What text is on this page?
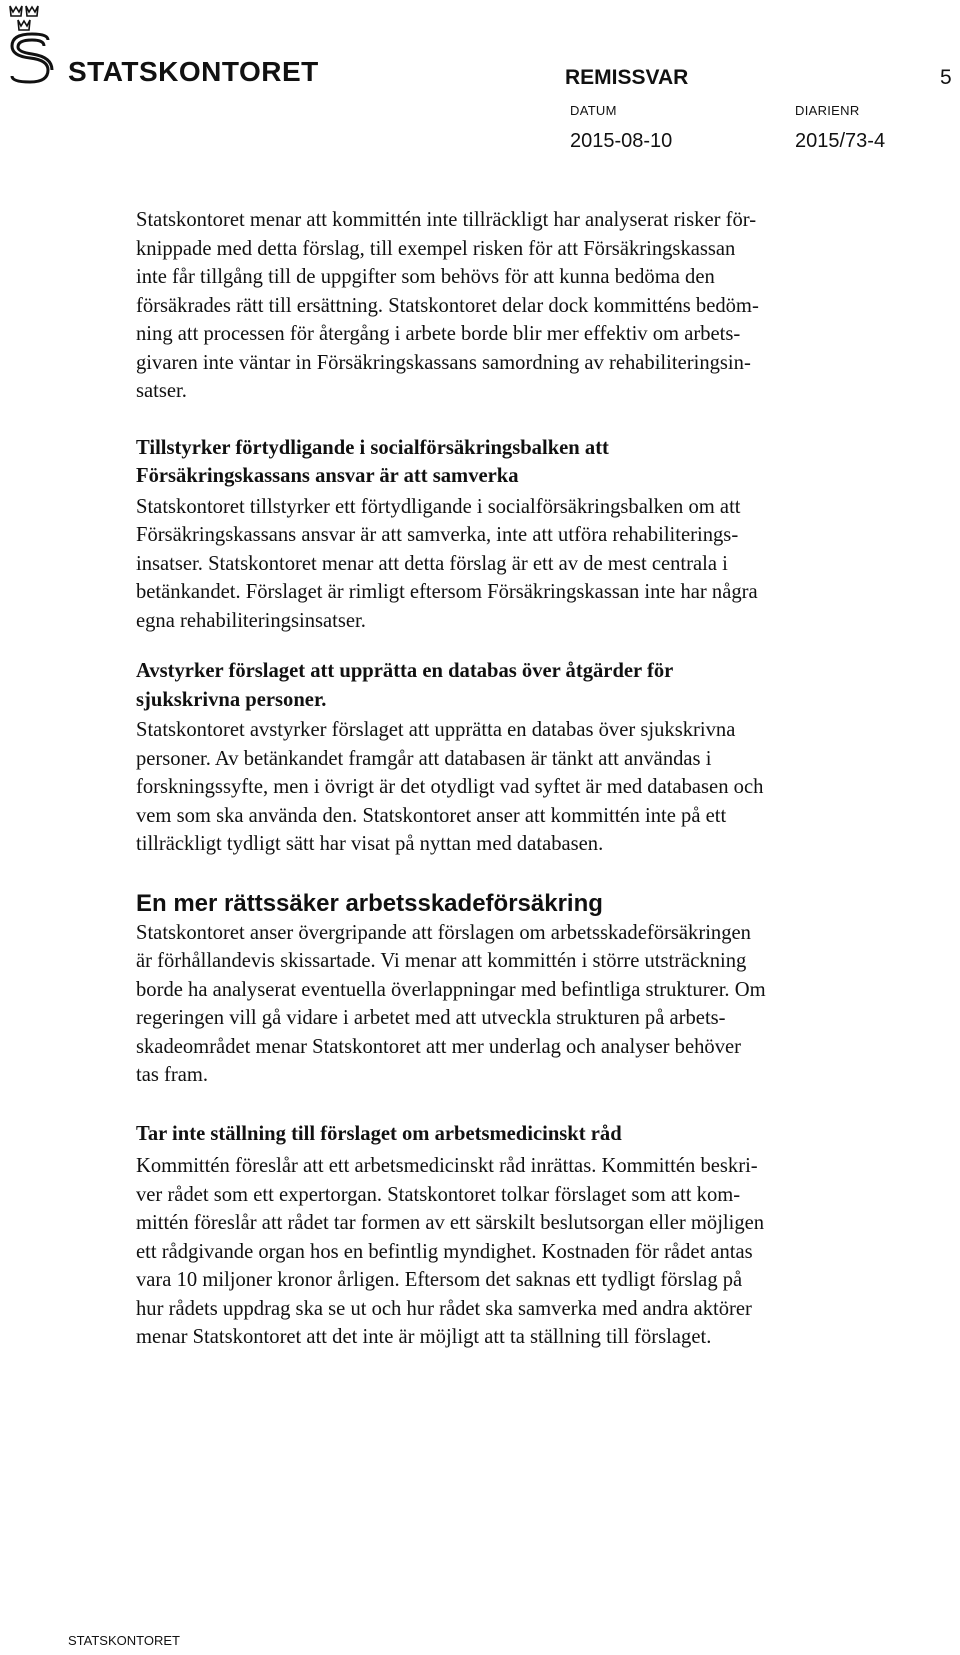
STATSKONTORET	REMISSVAR	5
DATUM	DIARIENR
2015-08-10	2015/73-4

Statskontoret menar att kommittén inte tillräckligt har analyserat risker för-

knippade med detta förslag, till exempel risken för att Försäkringskassan

inte får tillgång till de uppgifter som behövs för att kunna bedöma den

försäkrades rätt till ersättning. Statskontoret delar dock kommitténs bedöm-

ning att processen för återgång i arbete borde blir mer effektiv om arbets-

givaren inte väntar in Försäkringskassans samordning av rehabiliteringsin-

satser.

Tillstyrker förtydligande i socialförsäkringsbalken att

Försäkringskassans ansvar är att samverka

Statskontoret tillstyrker ett förtydligande i socialförsäkringsbalken om att

Försäkringskassans ansvar är att samverka, inte att utföra rehabiliterings-

insatser. Statskontoret menar att detta förslag är ett av de mest centrala i

betänkandet. Förslaget är rimligt eftersom Försäkringskassan inte har några

egna rehabiliteringsinsatser.

Avstyrker förslaget att upprätta en databas över åtgärder för

sjukskrivna personer.

Statskontoret avstyrker förslaget att upprätta en databas över sjukskrivna

personer. Av betänkandet framgår att databasen är tänkt att användas i

forskningssyfte, men i övrigt är det otydligt vad syftet är med databasen och

vem som ska använda den. Statskontoret anser att kommittén inte på ett

tillräckligt tydligt sätt har visat på nyttan med databasen.

En mer rättssäker arbetsskadeförsäkring

Statskontoret anser övergripande att förslagen om arbetsskadeförsäkringen

är förhållandevis skissartade. Vi menar att kommittén i större utsträckning

borde ha analyserat eventuella överlappningar med befintliga strukturer. Om

regeringen vill gå vidare i arbetet med att utveckla strukturen på arbets-

skadeområdet menar Statskontoret att mer underlag och analyser behöver

tas fram.

Tar inte ställning till förslaget om arbetsmedicinskt råd

Kommittén föreslår att ett arbetsmedicinskt råd inrättas. Kommittén beskri-

ver rådet som ett expertorgan. Statskontoret tolkar förslaget som att kom-

mittén föreslår att rådet tar formen av ett särskilt beslutsorgan eller möjligen

ett rådgivande organ hos en befintlig myndighet. Kostnaden för rådet antas

vara 10 miljoner kronor årligen. Eftersom det saknas ett tydligt förslag på

hur rådets uppdrag ska se ut och hur rådet ska samverka med andra aktörer

menar Statskontoret att det inte är möjligt att ta ställning till förslaget.

STATSKONTORET
